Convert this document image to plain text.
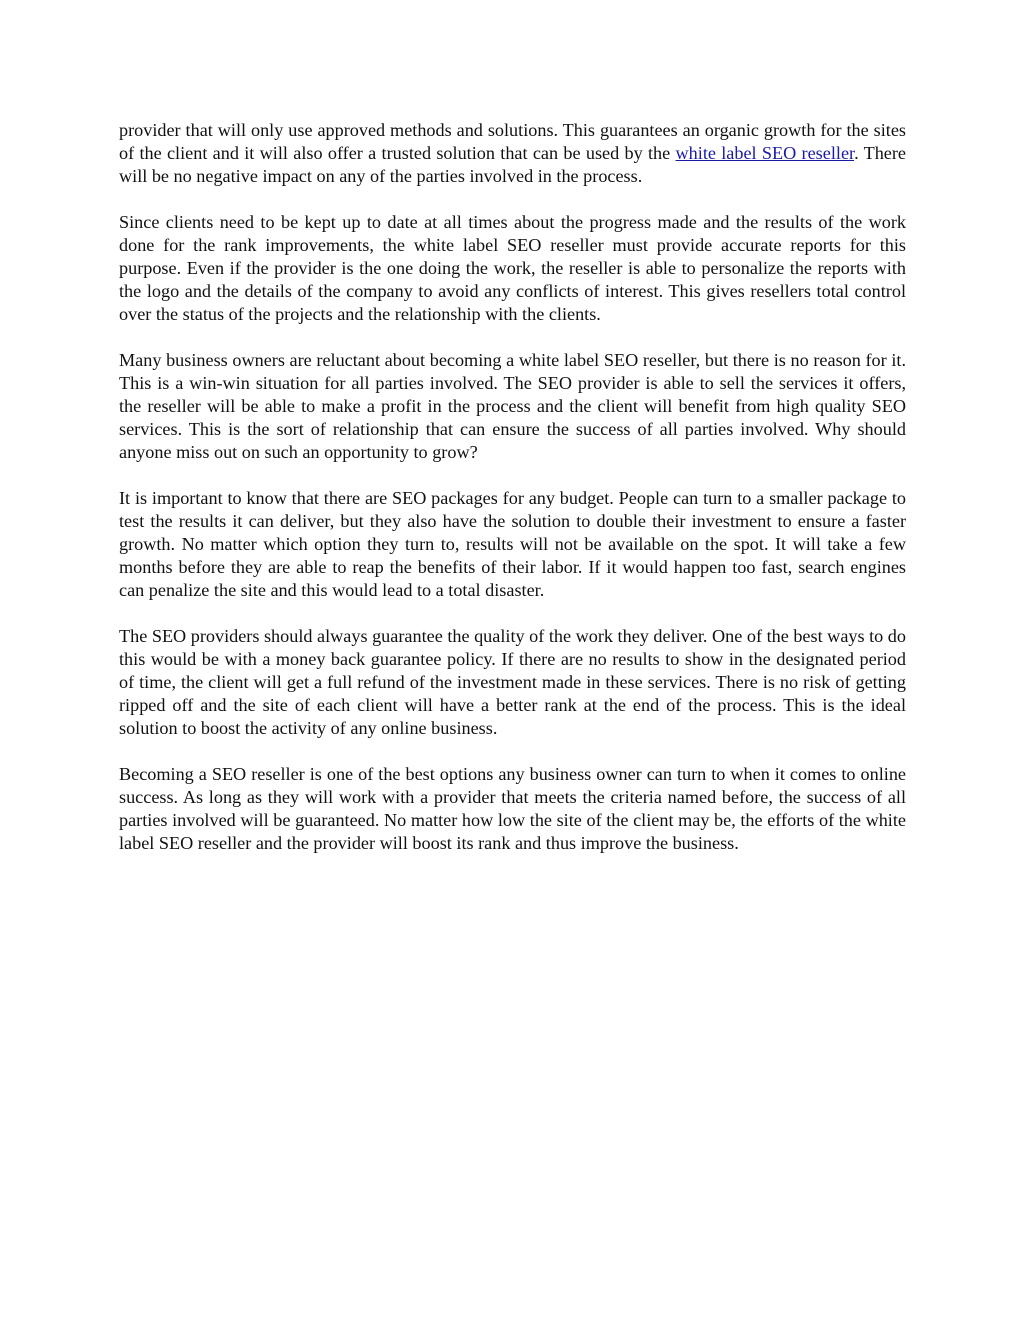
provider that will only use approved methods and solutions. This guarantees an organic growth for the sites of the client and it will also offer a trusted solution that can be used by the white label SEO reseller. There will be no negative impact on any of the parties involved in the process.

Since clients need to be kept up to date at all times about the progress made and the results of the work done for the rank improvements, the white label SEO reseller must provide accurate reports for this purpose. Even if the provider is the one doing the work, the reseller is able to personalize the reports with the logo and the details of the company to avoid any conflicts of interest. This gives resellers total control over the status of the projects and the relationship with the clients.

Many business owners are reluctant about becoming a white label SEO reseller, but there is no reason for it. This is a win-win situation for all parties involved. The SEO provider is able to sell the services it offers, the reseller will be able to make a profit in the process and the client will benefit from high quality SEO services. This is the sort of relationship that can ensure the success of all parties involved. Why should anyone miss out on such an opportunity to grow?

It is important to know that there are SEO packages for any budget. People can turn to a smaller package to test the results it can deliver, but they also have the solution to double their investment to ensure a faster growth. No matter which option they turn to, results will not be available on the spot. It will take a few months before they are able to reap the benefits of their labor. If it would happen too fast, search engines can penalize the site and this would lead to a total disaster.

The SEO providers should always guarantee the quality of the work they deliver. One of the best ways to do this would be with a money back guarantee policy. If there are no results to show in the designated period of time, the client will get a full refund of the investment made in these services. There is no risk of getting ripped off and the site of each client will have a better rank at the end of the process. This is the ideal solution to boost the activity of any online business.

Becoming a SEO reseller is one of the best options any business owner can turn to when it comes to online success. As long as they will work with a provider that meets the criteria named before, the success of all parties involved will be guaranteed. No matter how low the site of the client may be, the efforts of the white label SEO reseller and the provider will boost its rank and thus improve the business.
